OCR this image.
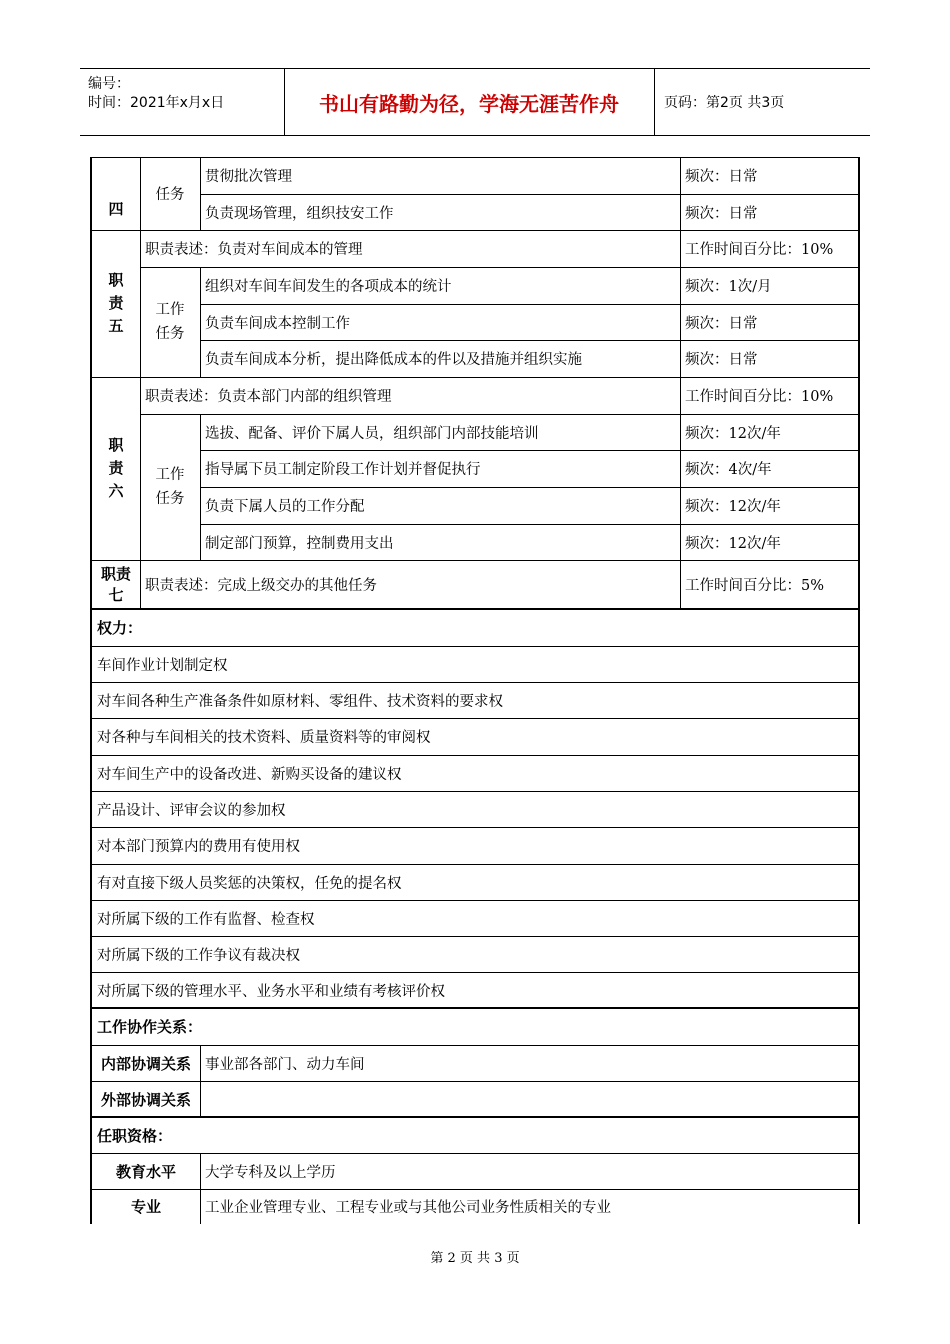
编号：
时间：2021年x月x日	书山有路勤为径，学海无涯苦作舟	页码：第2页 共3页
四
任务
贯彻批次管理	频次：日常
负责现场管理，组织技安工作	频次：日常
职
责
五
职责表述：负责对车间成本的管理	工作时间百分比：10%
工作
任务
组织对车间车间发生的各项成本的统计	频次：1次/月
负责车间成本控制工作	频次：日常
负责车间成本分析，提出降低成本的件以及措施并组织实施	频次：日常
职
责
六
职责表述：负责本部门内部的组织管理	工作时间百分比：10%
工作
任务
选拔、配备、评价下属人员，组织部门内部技能培训	频次：12次/年
指导属下员工制定阶段工作计划并督促执行	频次：4次/年
负责下属人员的工作分配	频次：12次/年
制定部门预算，控制费用支出	频次：12次/年
职责
七	职责表述：完成上级交办的其他任务	工作时间百分比：5%
权力：
车间作业计划制定权
对车间各种生产准备条件如原材料、零组件、技术资料的要求权
对各种与车间相关的技术资料、质量资料等的审阅权
对车间生产中的设备改进、新购买设备的建议权
产品设计、评审会议的参加权
对本部门预算内的费用有使用权
有对直接下级人员奖惩的决策权，任免的提名权
对所属下级的工作有监督、检查权
对所属下级的工作争议有裁决权
对所属下级的管理水平、业务水平和业绩有考核评价权
工作协作关系：
内部协调关系 事业部各部门、动力车间
外部协调关系
任职资格：
教育水平	大学专科及以上学历
专业	工业企业管理专业、工程专业或与其他公司业务性质相关的专业
第 2 页 共 3 页
